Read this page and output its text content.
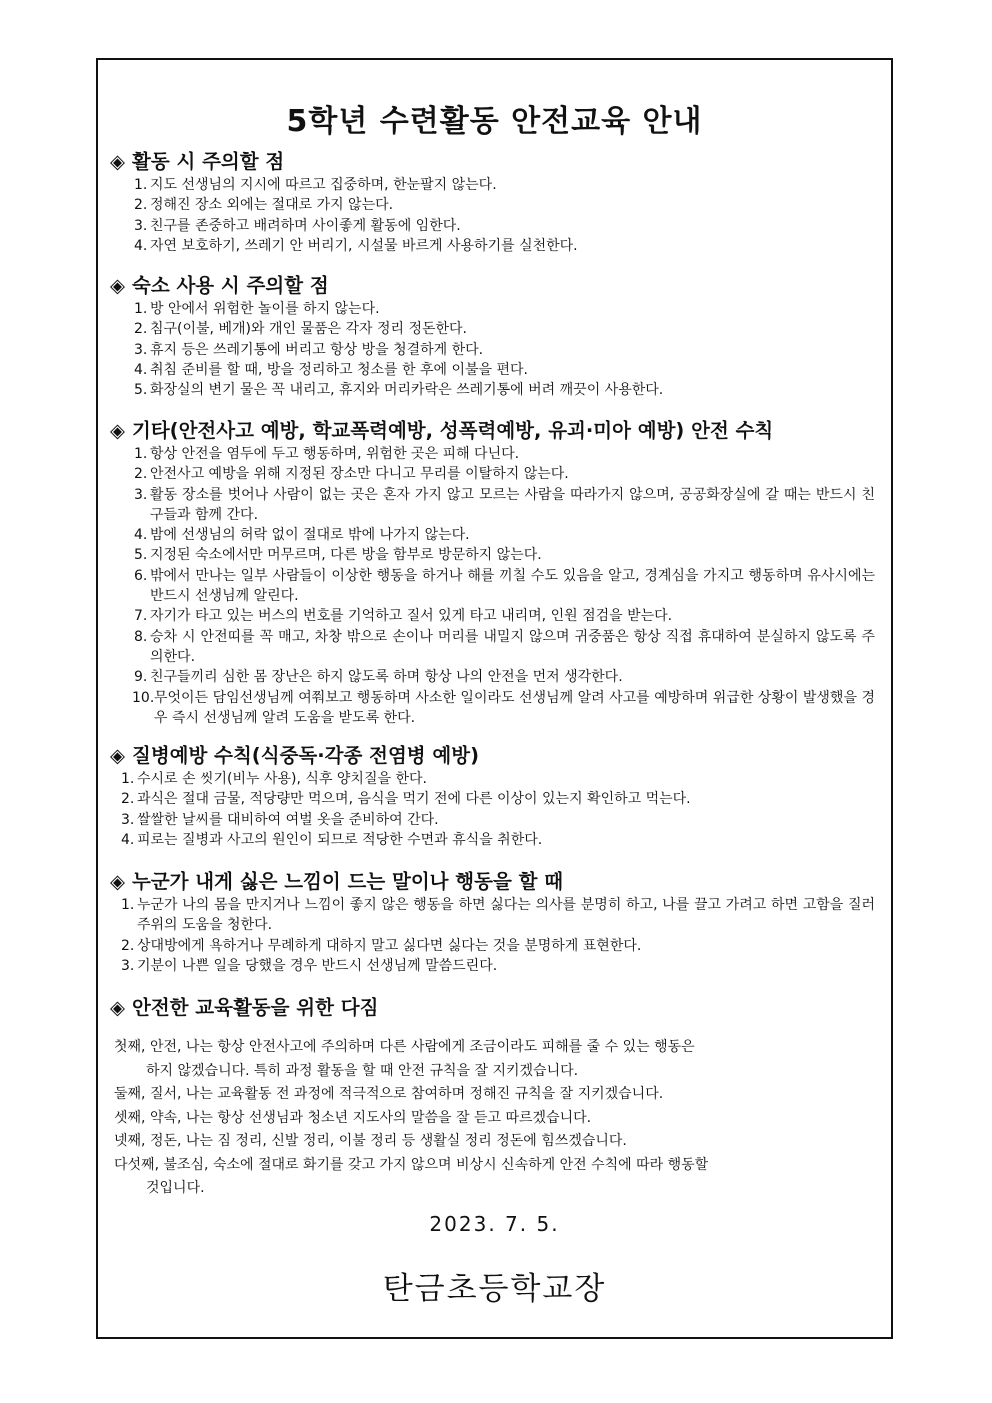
5학년 수련활동 안전교육 안내
◈ 활동 시 주의할 점
1. 지도 선생님의 지시에 따르고 집중하며, 한눈팔지 않는다.
2. 정해진 장소 외에는 절대로 가지 않는다.
3. 친구를 존중하고 배려하며 사이좋게 활동에 임한다.
4. 자연 보호하기, 쓰레기 안 버리기, 시설물 바르게 사용하기를 실천한다.
◈ 숙소 사용 시 주의할 점
1. 방 안에서 위험한 놀이를 하지 않는다.
2. 침구(이불, 베개)와 개인 물품은 각자 정리 정돈한다.
3. 휴지 등은 쓰레기통에 버리고 항상 방을 청결하게 한다.
4. 취침 준비를 할 때, 방을 정리하고 청소를 한 후에 이불을 편다.
5. 화장실의 변기 물은 꼭 내리고, 휴지와 머리카락은 쓰레기통에 버려 깨끗이 사용한다.
◈ 기타(안전사고 예방, 학교폭력예방, 성폭력예방, 유괴·미아 예방) 안전 수칙
1. 항상 안전을 염두에 두고 행동하며, 위험한 곳은 피해 다닌다.
2. 안전사고 예방을 위해 지정된 장소만 다니고 무리를 이탈하지 않는다.
3. 활동 장소를 벗어나 사람이 없는 곳은 혼자 가지 않고 모르는 사람을 따라가지 않으며, 공공화장실에 갈 때는 반드시 친구들과 함께 간다.
4. 밤에 선생님의 허락 없이 절대로 밖에 나가지 않는다.
5. 지정된 숙소에서만 머무르며, 다른 방을 함부로 방문하지 않는다.
6. 밖에서 만나는 일부 사람들이 이상한 행동을 하거나 해를 끼칠 수도 있음을 알고, 경계심을 가지고 행동하며 유사시에는 반드시 선생님께 알린다.
7. 자기가 타고 있는 버스의 번호를 기억하고 질서 있게 타고 내리며, 인원 점검을 받는다.
8. 승차 시 안전띠를 꼭 매고, 차창 밖으로 손이나 머리를 내밀지 않으며 귀중품은 항상 직접 휴대하여 분실하지 않도록 주의한다.
9. 친구들끼리 심한 몸 장난은 하지 않도록 하며 항상 나의 안전을 먼저 생각한다.
10. 무엇이든 담임선생님께 여쭤보고 행동하며 사소한 일이라도 선생님께 알려 사고를 예방하며 위급한 상황이 발생했을 경우 즉시 선생님께 알려 도움을 받도록 한다.
◈ 질병예방 수칙(식중독·각종 전염병 예방)
1. 수시로 손 씻기(비누 사용), 식후 양치질을 한다.
2. 과식은 절대 금물, 적당량만 먹으며, 음식을 먹기 전에 다른 이상이 있는지 확인하고 먹는다.
3. 쌀쌀한 날씨를 대비하여 여벌 옷을 준비하여 간다.
4. 피로는 질병과 사고의 원인이 되므로 적당한 수면과 휴식을 취한다.
◈ 누군가 내게 싫은 느낌이 드는 말이나 행동을 할 때
1. 누군가 나의 몸을 만지거나 느낌이 좋지 않은 행동을 하면 싫다는 의사를 분명히 하고, 나를 끌고 가려고 하면 고함을 질러 주위의 도움을 청한다.
2. 상대방에게 욕하거나 무례하게 대하지 말고 싫다면 싫다는 것을 분명하게 표현한다.
3. 기분이 나쁜 일을 당했을 경우 반드시 선생님께 말씀드린다.
◈ 안전한 교육활동을 위한 다짐
첫째, 안전, 나는 항상 안전사고에 주의하며 다른 사람에게 조금이라도 피해를 줄 수 있는 행동은
하지 않겠습니다. 특히 과정 활동을 할 때 안전 규칙을 잘 지키겠습니다.
둘째, 질서, 나는 교육활동 전 과정에 적극적으로 참여하며 정해진 규칙을 잘 지키겠습니다.
셋째, 약속, 나는 항상 선생님과 청소년 지도사의 말씀을 잘 듣고 따르겠습니다.
넷째, 정돈, 나는 짐 정리, 신발 정리, 이불 정리 등 생활실 정리 정돈에 힘쓰겠습니다.
다섯째, 불조심, 숙소에 절대로 화기를 갖고 가지 않으며 비상시 신속하게 안전 수칙에 따라 행동할
것입니다.
2023. 7. 5.
탄금초등학교장
